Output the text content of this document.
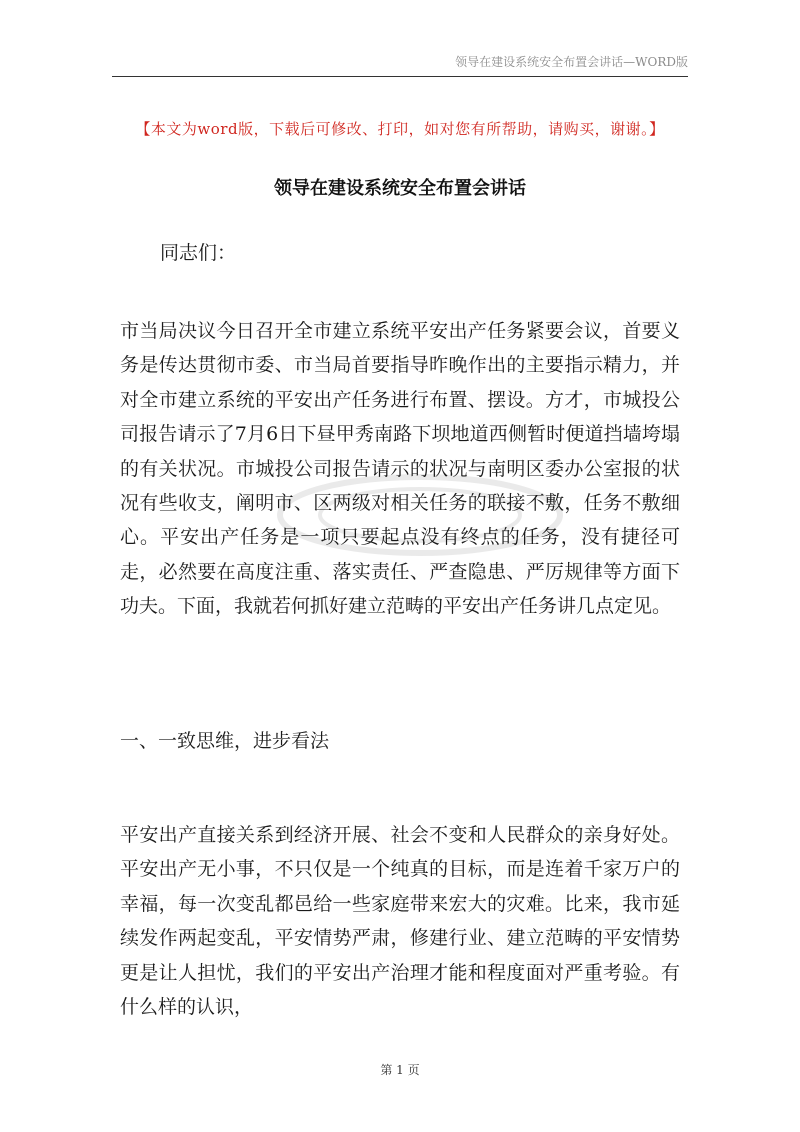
领导在建设系统安全布置会讲话—WORD版
【本文为word版，下载后可修改、打印，如对您有所帮助，请购买，谢谢。】
领导在建设系统安全布置会讲话
同志们：
市当局决议今日召开全市建立系统平安出产任务紧要会议，首要义务是传达贯彻市委、市当局首要指导昨晚作出的主要指示精力，并对全市建立系统的平安出产任务进行布置、摆设。方才，市城投公司报告请示了7月6日下昼甲秀南路下坝地道西侧暂时便道挡墙垮塌的有关状况。市城投公司报告请示的状况与南明区委办公室报的状况有些收支，阐明市、区两级对相关任务的联接不敷，任务不敷细心。平安出产任务是一项只要起点没有终点的任务，没有捷径可走，必然要在高度注重、落实责任、严查隐患、严厉规律等方面下功夫。下面，我就若何抓好建立范畴的平安出产任务讲几点定见。
一、一致思维，进步看法
平安出产直接关系到经济开展、社会不变和人民群众的亲身好处。平安出产无小事，不只仅是一个纯真的目标，而是连着千家万户的幸福，每一次变乱都邑给一些家庭带来宏大的灾难。比来，我市延续发作两起变乱，平安情势严肃，修建行业、建立范畴的平安情势更是让人担忧，我们的平安出产治理才能和程度面对严重考验。有什么样的认识，
第 1 页
